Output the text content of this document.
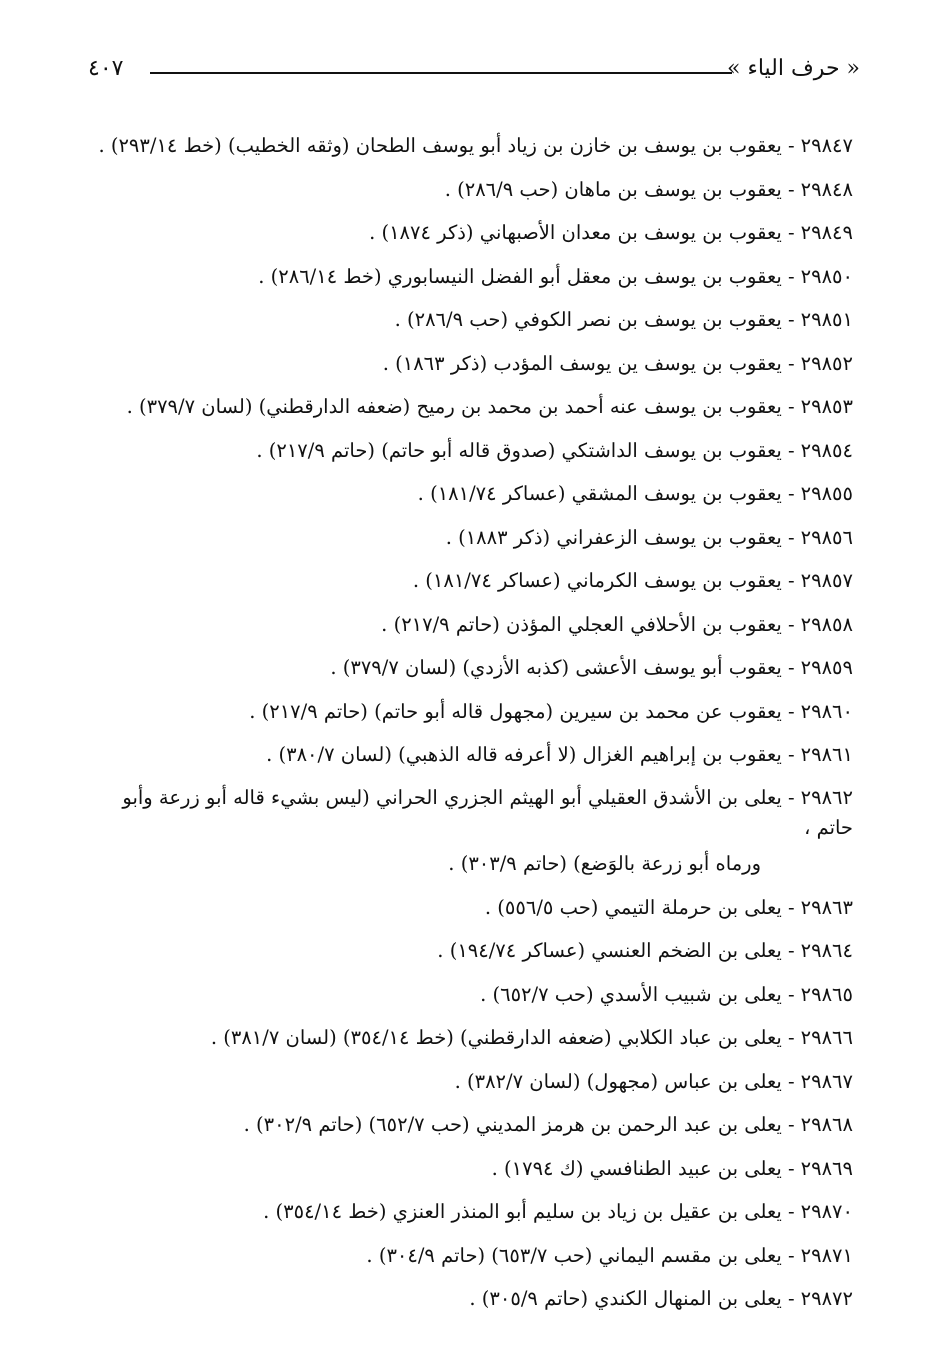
« حرف الياء »
٤٠٧
٢٩٨٤٧- يعقوب بن يوسف بن خازن بن زياد أبو يوسف الطحان (وثقه الخطيب) (خط ٢٩٣/١٤) .
٢٩٨٤٨- يعقوب بن يوسف بن ماهان (حب ٢٨٦/٩) .
٢٩٨٤٩- يعقوب بن يوسف بن معدان الأصبهاني (ذكر ١٨٧٤) .
٢٩٨٥٠- يعقوب بن يوسف بن معقل أبو الفضل النيسابوري (خط ٢٨٦/١٤) .
٢٩٨٥١- يعقوب بن يوسف بن نصر الكوفي (حب ٢٨٦/٩) .
٢٩٨٥٢- يعقوب بن يوسف ين يوسف المؤدب (ذكر ١٨٦٣) .
٢٩٨٥٣- يعقوب بن يوسف عنه أحمد بن محمد بن رميح (ضعفه الدارقطني) (لسان ٣٧٩/٧) .
٢٩٨٥٤- يعقوب بن يوسف الداشتكي (صدوق قاله أبو حاتم) (حاتم ٢١٧/٩) .
٢٩٨٥٥- يعقوب بن يوسف المشقي (عساكر ١٨١/٧٤) .
٢٩٨٥٦- يعقوب بن يوسف الزعفراني (ذكر ١٨٨٣) .
٢٩٨٥٧- يعقوب بن يوسف الكرماني (عساكر ١٨١/٧٤) .
٢٩٨٥٨- يعقوب بن الأحلافي العجلي المؤذن (حاتم ٢١٧/٩) .
٢٩٨٥٩- يعقوب أبو يوسف الأعشى (كذبه الأزدي) (لسان ٣٧٩/٧) .
٢٩٨٦٠- يعقوب عن محمد بن سيرين (مجهول قاله أبو حاتم) (حاتم ٢١٧/٩) .
٢٩٨٦١- يعقوب بن إبراهيم الغزال (لا أعرفه قاله الذهبي) (لسان ٣٨٠/٧) .
٢٩٨٦٢- يعلى بن الأشدق العقيلي أبو الهيثم الجزري الحراني (ليس بشيء قاله أبو زرعة وأبو حاتم ،
ورماه أبو زرعة بالوَضع) (حاتم ٣٠٣/٩) .
٢٩٨٦٣- يعلى بن حرملة التيمي (حب ٥٥٦/٥) .
٢٩٨٦٤- يعلى بن الضخم العنسي (عساكر ١٩٤/٧٤) .
٢٩٨٦٥- يعلى بن شبيب الأسدي (حب ٦٥٢/٧) .
٢٩٨٦٦- يعلى بن عباد الكلابي (ضعفه الدارقطني) (خط ٣٥٤/١٤) (لسان ٣٨١/٧) .
٢٩٨٦٧- يعلى بن عباس (مجهول) (لسان ٣٨٢/٧) .
٢٩٨٦٨- يعلى بن عبد الرحمن بن هرمز المديني (حب ٦٥٢/٧) (حاتم ٣٠٢/٩) .
٢٩٨٦٩- يعلى بن عبيد الطنافسي (ك ١٧٩٤) .
٢٩٨٧٠- يعلى بن عقيل بن زياد بن سليم أبو المنذر العنزي (خط ٣٥٤/١٤) .
٢٩٨٧١- يعلى بن مقسم اليماني (حب ٦٥٣/٧) (حاتم ٣٠٤/٩) .
٢٩٨٧٢- يعلى بن المنهال الكندي (حاتم ٣٠٥/٩) .
